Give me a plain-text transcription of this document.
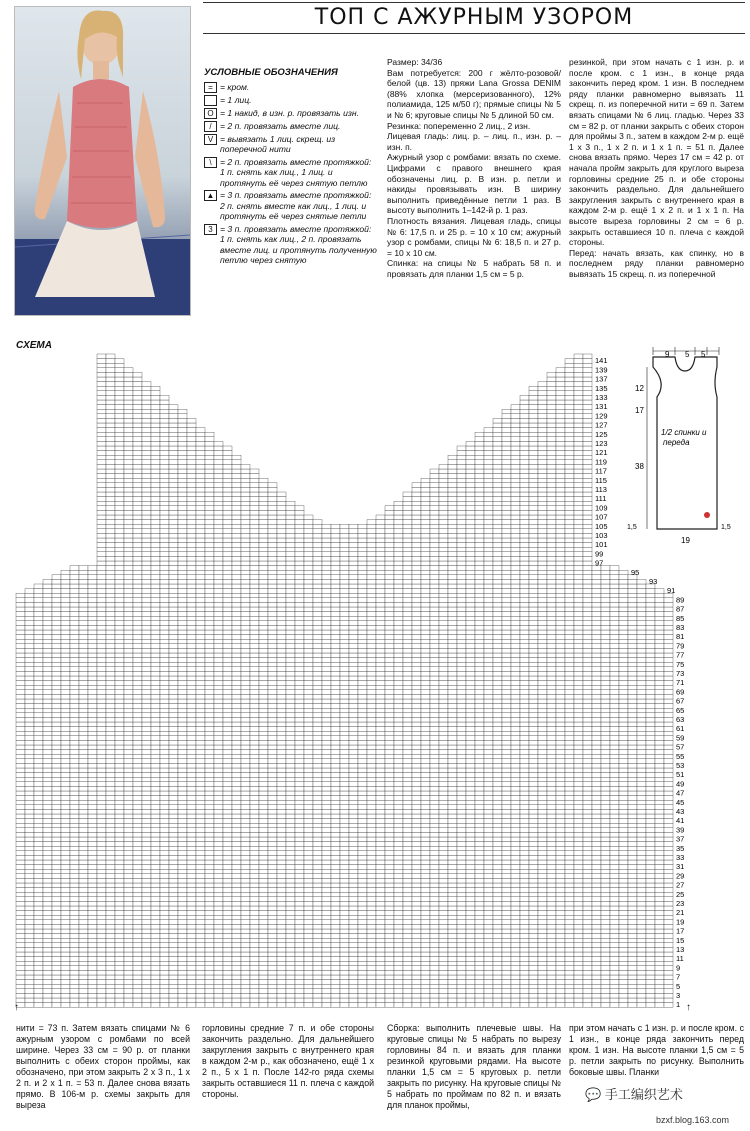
ТОП С АЖУРНЫМ УЗОРОМ
УСЛОВНЫЕ ОБОЗНАЧЕНИЯ
= = кром.
= 1 лиц.
O = 1 накид, в изн. р. провязать изн.
/ = 2 п. провязать вместе лиц.
V = вывязать 1 лиц. скрещ. из поперечной нити
\ = 2 п. провязать вместе протяжкой: 1 п. снять как лиц., 1 лиц. и протянуть её через снятую петлю
▲ = 3 п. провязать вместе протяжкой: 2 п. снять вместе как лиц., 1 лиц. и протянуть её через снятые петли
3 = 3 п. провязать вместе протяжкой: 1 п. снять как лиц., 2 п. провязать вместе лиц. и протянуть полученную петлю через снятую
Размер: 34/36
Вам потребуется: 200 г жёлто-розовой/белой (цв. 13) пряжи Lana Grossa DENIM (88% хлопка (мерсеризованного), 12% полиамида, 125 м/50 г); прямые спицы № 5 и № 6; круговые спицы № 5 длиной 50 см.
Резинка: попеременно 2 лиц., 2 изн.
Лицевая гладь: лиц. р. – лиц. п., изн. р. – изн. п.
Ажурный узор с ромбами: вязать по схеме. Цифрами с правого внешнего края обозначены лиц. р. В изн. р. петли и накиды провязывать изн. В ширину выполнить приведённые петли 1 раз. В высоту выполнить 1–142-й р. 1 раз.
Плотность вязания. Лицевая гладь, спицы № 6: 17,5 п. и 25 р. = 10 х 10 см; ажурный узор с ромбами, спицы № 6: 18,5 п. и 27 р. = 10 х 10 см.
Спинка: на спицы № 5 набрать 58 п. и провязать для планки 1,5 см = 5 р.
резинкой, при этом начать с 1 изн. р. и после кром. с 1 изн., в конце ряда закончить перед кром. 1 изн. В последнем ряду планки равномерно вывязать 11 скрещ. п. из поперечной нити = 69 п. Затем вязать спицами № 6 лиц. гладью. Через 33 см = 82 р. от планки закрыть с обеих сторон для проймы 3 п., затем в каждом 2-м р. ещё 1 х 3 п., 1 х 2 п. и 1 х 1 п. = 51 п. Далее снова вязать прямо. Через 17 см = 42 р. от начала пройм закрыть для круглого выреза горловины средние 25 п. и обе стороны закончить раздельно. Для дальнейшего закругления закрыть с внутреннего края в каждом 2-м р. ещё 1 х 2 п. и 1 х 1 п. На высоте выреза горловины 2 см = 6 р. закрыть оставшиеся 10 п. плеча с каждой стороны.
Перед: начать вязать, как спинку, но в последнем ряду планки равномерно вывязать 15 скрещ. п. из поперечной
9 5 5
12
17
38
1,5	1,5
19
1/2 спинки и
переда
СХЕМА
141
139
137
135
133
131
129
127
125
123
121
119
117
115
113
111
109
107
105
103
101
99
97
95
93
91
89
87
85
83
81
79
77
75
73
71
69
67
65
63
61
59
57
55
53
51
49
47
45
43
41
39
37
35
33
31
29
27
25
23
21
19
17
15
13
11
9
7
5
3
1
↑	↑
нити = 73 п. Затем вязать спицами № 6 ажурным узором с ромбами по всей ширине. Через 33 см = 90 р. от планки выполнить с обеих сторон проймы, как обозначено, при этом закрыть 2 х 3 п., 1 х 2 п. и 2 х 1 п. = 53 п. Далее снова вязать прямо. В 106-м р. схемы закрыть для выреза
горловины средние 7 п. и обе стороны закончить раздельно. Для дальнейшего закругления закрыть с внутреннего края в каждом 2-м р., как обозначено, ещё 1 х 2 п., 5 х 1 п. После 142-го ряда схемы закрыть оставшиеся 11 п. плеча с каждой стороны.
Сборка: выполнить плечевые швы. На круговые спицы № 5 набрать по вырезу горловины 84 п. и вязать для планки резинкой круговыми рядами. На высоте планки 1,5 см = 5 круговых р. петли закрыть по рисунку. На круговые спицы № 5 набрать по проймам по 82 п. и вязать для планок проймы,
при этом начать с 1 изн. р. и после кром. с 1 изн., в конце ряда закончить перед кром. 1 изн. На высоте планки 1,5 см = 5 р. петли закрыть по рисунку. Выполнить боковые швы. Планки
💬 手工编织艺术
bzxf.blog.163.com
